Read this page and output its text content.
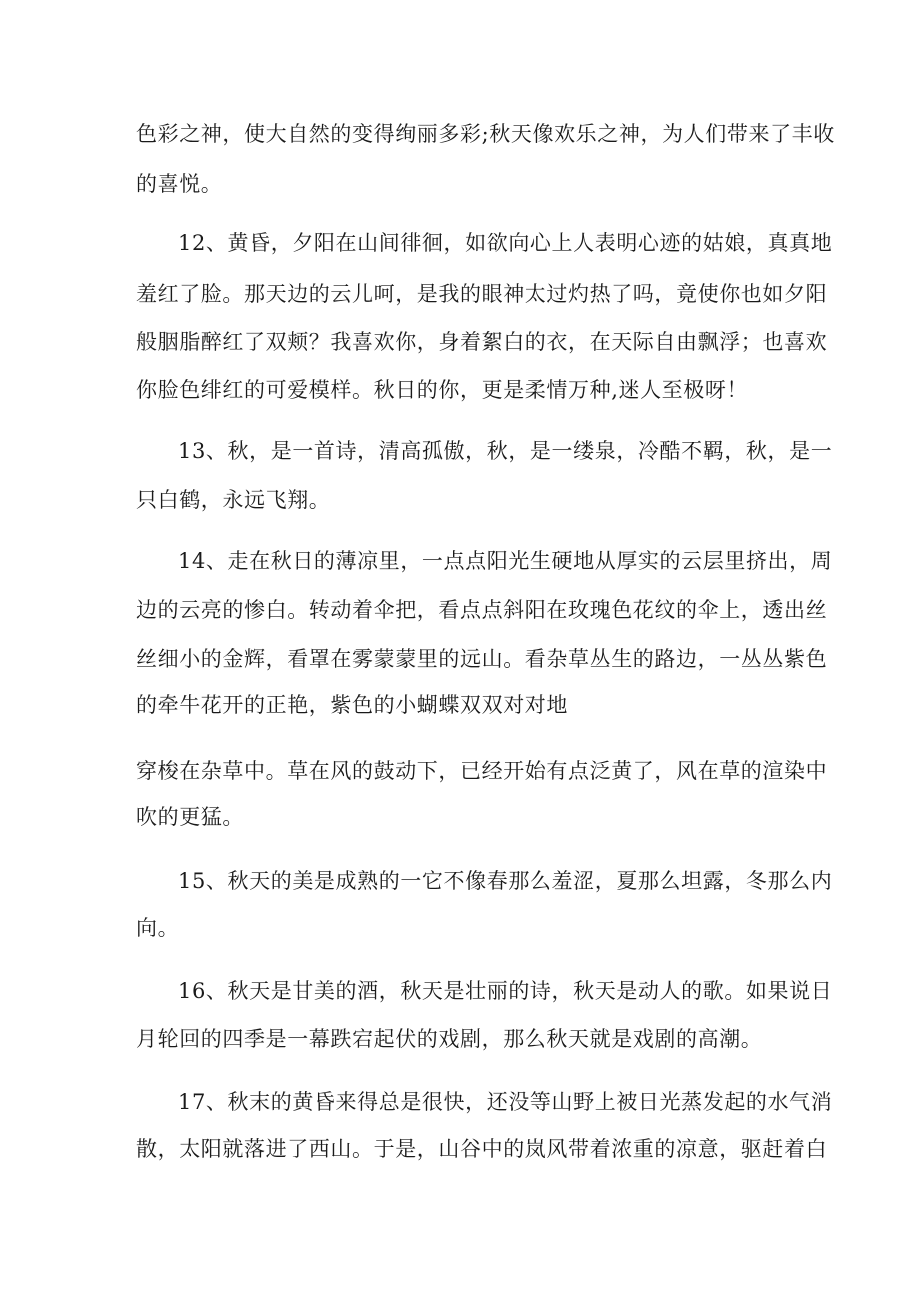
色彩之神，使大自然的变得绚丽多彩;秋天像欢乐之神，为人们带来了丰收
的喜悦。
12、黄昏，夕阳在山间徘徊，如欲向心上人表明心迹的姑娘，真真地
羞红了脸。那天边的云儿呵，是我的眼神太过灼热了吗，竟使你也如夕阳
般胭脂醉红了双颊？我喜欢你，身着絮白的衣，在天际自由飘浮；也喜欢
你脸色绯红的可爱模样。秋日的你，更是柔情万种,迷人至极呀！
13、秋，是一首诗，清高孤傲，秋，是一缕泉，冷酷不羁，秋，是一
只白鹤，永远飞翔。
14、走在秋日的薄凉里，一点点阳光生硬地从厚实的云层里挤出，周
边的云亮的惨白。转动着伞把，看点点斜阳在玫瑰色花纹的伞上，透出丝
丝细小的金辉，看罩在雾蒙蒙里的远山。看杂草丛生的路边，一丛丛紫色
的牵牛花开的正艳，紫色的小蝴蝶双双对对地
穿梭在杂草中。草在风的鼓动下，已经开始有点泛黄了，风在草的渲染中
吹的更猛。
15、秋天的美是成熟的一它不像春那么羞涩，夏那么坦露，冬那么内
向。
16、秋天是甘美的酒，秋天是壮丽的诗，秋天是动人的歌。如果说日
月轮回的四季是一幕跌宕起伏的戏剧，那么秋天就是戏剧的高潮。
17、秋末的黄昏来得总是很快，还没等山野上被日光蒸发起的水气消
散，太阳就落进了西山。于是，山谷中的岚风带着浓重的凉意，驱赶着白
